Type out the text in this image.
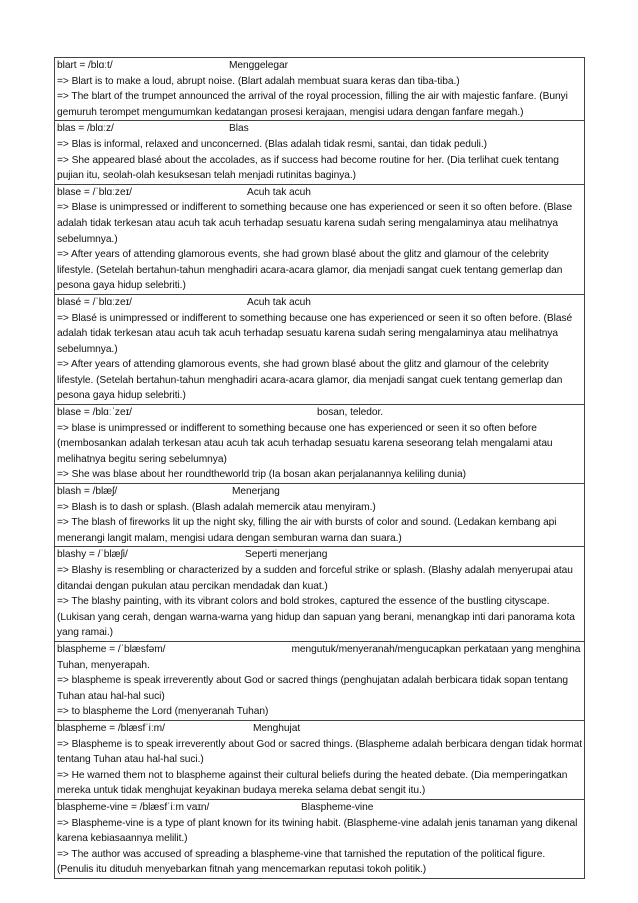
blart = /blɑːt/	Menggelegar
=> Blart is to make a loud, abrupt noise. (Blart adalah membuat suara keras dan tiba-tiba.)
=> The blart of the trumpet announced the arrival of the royal procession, filling the air with majestic fanfare. (Bunyi gemuruh terompet mengumumkan kedatangan prosesi kerajaan, mengisi udara dengan fanfare megah.)
blas = /blɑːz/	Blas
=> Blas is informal, relaxed and unconcerned. (Blas adalah tidak resmi, santai, dan tidak peduli.)
=> She appeared blasé about the accolades, as if success had become routine for her. (Dia terlihat cuek tentang pujian itu, seolah-olah kesuksesan telah menjadi rutinitas baginya.)
blase = /ˈblɑːzeɪ/	Acuh tak acuh
=> Blase is unimpressed or indifferent to something because one has experienced or seen it so often before. (Blase adalah tidak terkesan atau acuh tak acuh terhadap sesuatu karena sudah sering mengalaminya atau melihatnya sebelumnya.)
=> After years of attending glamorous events, she had grown blasé about the glitz and glamour of the celebrity lifestyle. (Setelah bertahun-tahun menghadiri acara-acara glamor, dia menjadi sangat cuek tentang gemerlap dan pesona gaya hidup selebriti.)
blasé = /ˈblɑːzeɪ/	Acuh tak acuh
=> Blasé is unimpressed or indifferent to something because one has experienced or seen it so often before. (Blasé adalah tidak terkesan atau acuh tak acuh terhadap sesuatu karena sudah sering mengalaminya atau melihatnya sebelumnya.)
=> After years of attending glamorous events, she had grown blasé about the glitz and glamour of the celebrity lifestyle. (Setelah bertahun-tahun menghadiri acara-acara glamor, dia menjadi sangat cuek tentang gemerlap dan pesona gaya hidup selebriti.)
blase = /blɑːˈzeɪ/	bosan, teledor.
=> blase is unimpressed or indifferent to something because one has experienced or seen it so often before (membosankan adalah terkesan atau acuh tak acuh terhadap sesuatu karena seseorang telah mengalami atau melihatnya begitu sering sebelumnya)
=> She was blase about her roundtheworld trip (Ia bosan akan perjalanannya keliling dunia)
blash = /blæʃ/	Menerjang
=> Blash is to dash or splash. (Blash adalah memercik atau menyiram.)
=> The blash of fireworks lit up the night sky, filling the air with bursts of color and sound. (Ledakan kembang api menerangi langit malam, mengisi udara dengan semburan warna dan suara.)
blashy = /ˈblæʃi/	Seperti menerjang
=> Blashy is resembling or characterized by a sudden and forceful strike or splash. (Blashy adalah menyerupai atau ditandai dengan pukulan atau percikan mendadak dan kuat.)
=> The blashy painting, with its vibrant colors and bold strokes, captured the essence of the bustling cityscape. (Lukisan yang cerah, dengan warna-warna yang hidup dan sapuan yang berani, menangkap inti dari panorama kota yang ramai.)
blaspheme = /ˈblæsfəm/	mengutuk/menyeranah/mengucapkan perkataan yang menghina Tuhan, menyerapah.
=> blaspheme is speak irreverently about God or sacred things (penghujatan adalah berbicara tidak sopan tentang Tuhan atau hal-hal suci)
=> to blaspheme the Lord (menyeranah Tuhan)
blaspheme = /blæsfˈiːm/	Menghujat
=> Blaspheme is to speak irreverently about God or sacred things. (Blaspheme adalah berbicara dengan tidak hormat tentang Tuhan atau hal-hal suci.)
=> He warned them not to blaspheme against their cultural beliefs during the heated debate. (Dia memperingatkan mereka untuk tidak menghujat keyakinan budaya mereka selama debat sengit itu.)
blaspheme-vine = /blæsfˈiːm vaɪn/	Blaspheme-vine
=> Blaspheme-vine is a type of plant known for its twining habit. (Blaspheme-vine adalah jenis tanaman yang dikenal karena kebiasaannya melilit.)
=> The author was accused of spreading a blaspheme-vine that tarnished the reputation of the political figure. (Penulis itu dituduh menyebarkan fitnah yang mencemarkan reputasi tokoh politik.)
